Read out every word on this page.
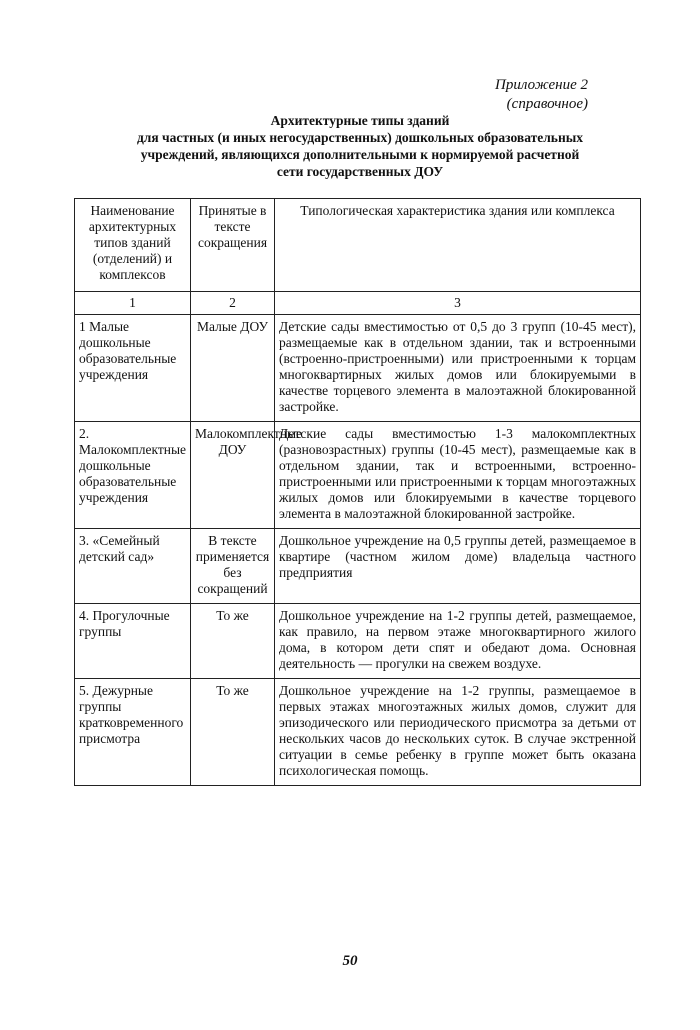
Приложение 2
(справочное)
Архитектурные типы зданий
для частных (и иных негосударственных) дошкольных образовательных
учреждений, являющихся дополнительными к нормируемой расчетной
сети государственных ДОУ
Наименование архитектурных типов зданий (отделений) и комплексов	Принятые в тексте сокращения	Типологическая характеристика здания или комплекса
1	2	3
1 Малые дошкольные образовательные учреждения	Малые ДОУ	Детские сады вместимостью от 0,5 до 3 групп (10-45 мест), размещаемые как в отдельном здании, так и встроенными (встроенно-пристроенными) или пристроенными к торцам многоквартирных жилых домов или блокируемыми в качестве торцевого элемента в малоэтажной блокированной застройке.
2. Малокомплектные дошкольные образовательные учреждения	Малокомплектные ДОУ	Детские сады вместимостью 1-3 малокомплектных (разновозрастных) группы (10-45 мест), размещаемые как в отдельном здании, так и встроенными, встроенно-пристроенными или пристроенными к торцам многоэтажных жилых домов или блокируемыми в качестве торцевого элемента в малоэтажной блокированной застройке.
3. «Семейный детский сад»	В тексте применяется без сокращений	Дошкольное учреждение на 0,5 группы детей, размещаемое в квартире (частном жилом доме) владельца частного предприятия
4. Прогулочные группы	То же	Дошкольное учреждение на 1-2 группы детей, размещаемое, как правило, на первом этаже многоквартирного жилого дома, в котором дети спят и обедают дома. Основная деятельность — прогулки на свежем воздухе.
5. Дежурные группы кратковременного присмотра	То же	Дошкольное учреждение на 1-2 группы, размещаемое в первых этажах многоэтажных жилых домов, служит для эпизодического или периодического присмотра за детьми от нескольких часов до нескольких суток. В случае экстренной ситуации в семье ребенку в группе может быть оказана психологическая помощь.
50
